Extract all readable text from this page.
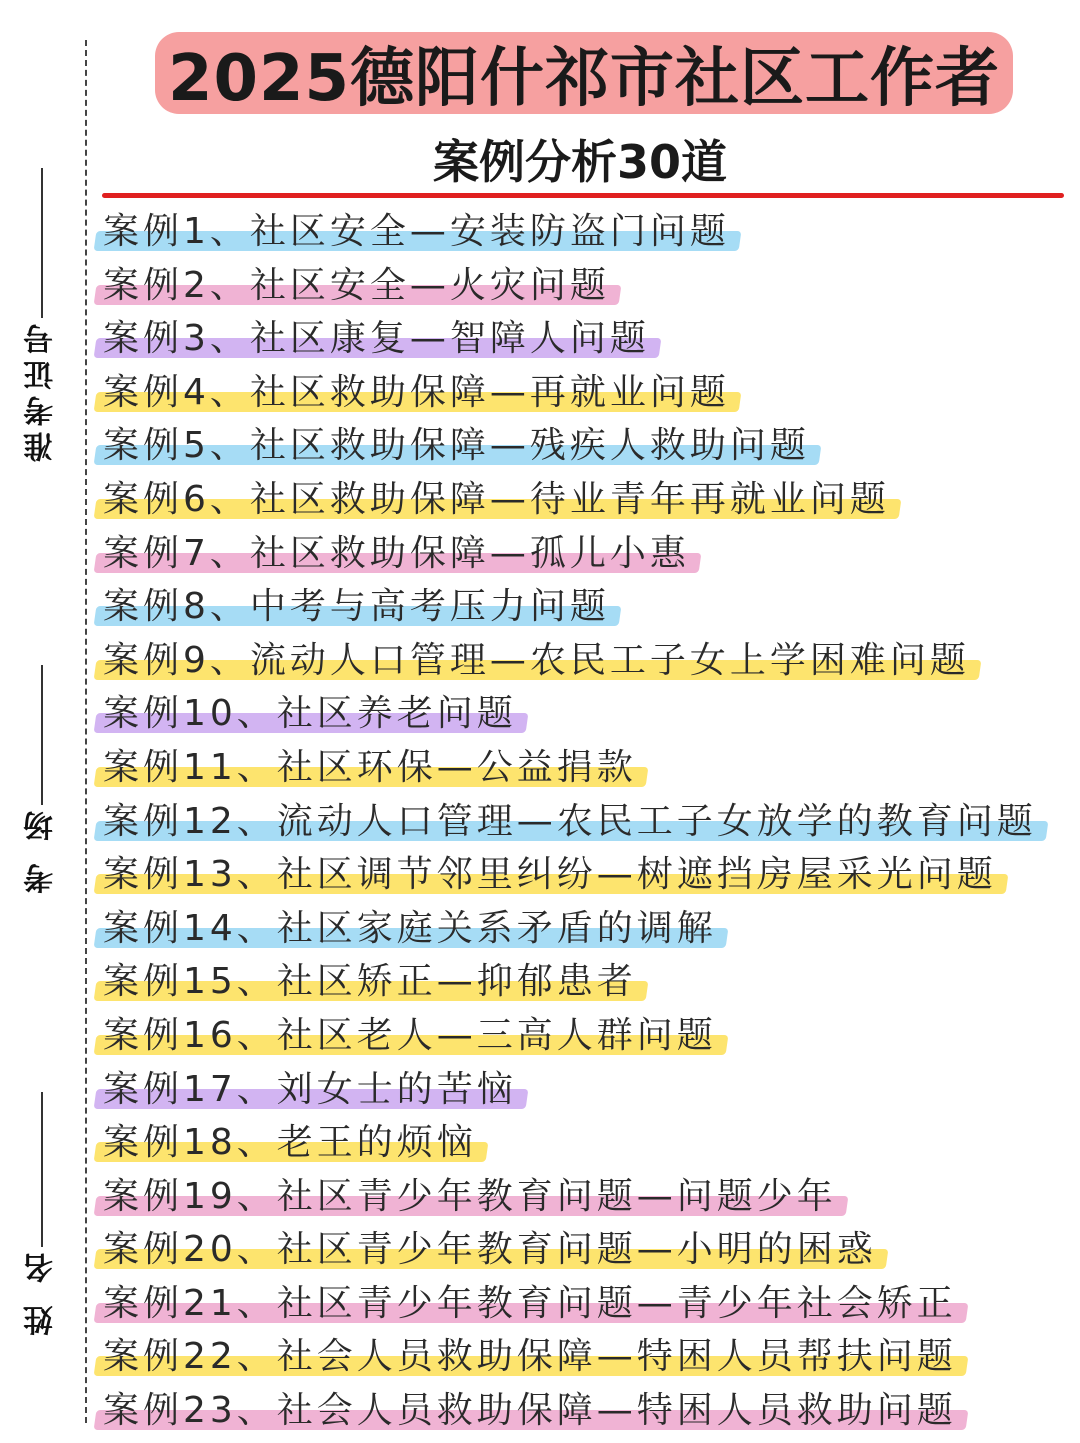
准考证号
考 场
姓 名
2025德阳什祁市社区工作者
案例分析30道
案例1、社区安全—安装防盗门问题
案例2、社区安全—火灾问题
案例3、社区康复—智障人问题
案例4、社区救助保障—再就业问题
案例5、社区救助保障—残疾人救助问题
案例6、社区救助保障—待业青年再就业问题
案例7、社区救助保障—孤儿小惠
案例8、中考与高考压力问题
案例9、流动人口管理—农民工子女上学困难问题
案例10、社区养老问题
案例11、社区环保—公益捐款
案例12、流动人口管理—农民工子女放学的教育问题
案例13、社区调节邻里纠纷—树遮挡房屋采光问题
案例14、社区家庭关系矛盾的调解
案例15、社区矫正—抑郁患者
案例16、社区老人—三高人群问题
案例17、刘女士的苦恼
案例18、老王的烦恼
案例19、社区青少年教育问题—问题少年
案例20、社区青少年教育问题—小明的困惑
案例21、社区青少年教育问题—青少年社会矫正
案例22、社会人员救助保障—特困人员帮扶问题
案例23、社会人员救助保障—特困人员救助问题
